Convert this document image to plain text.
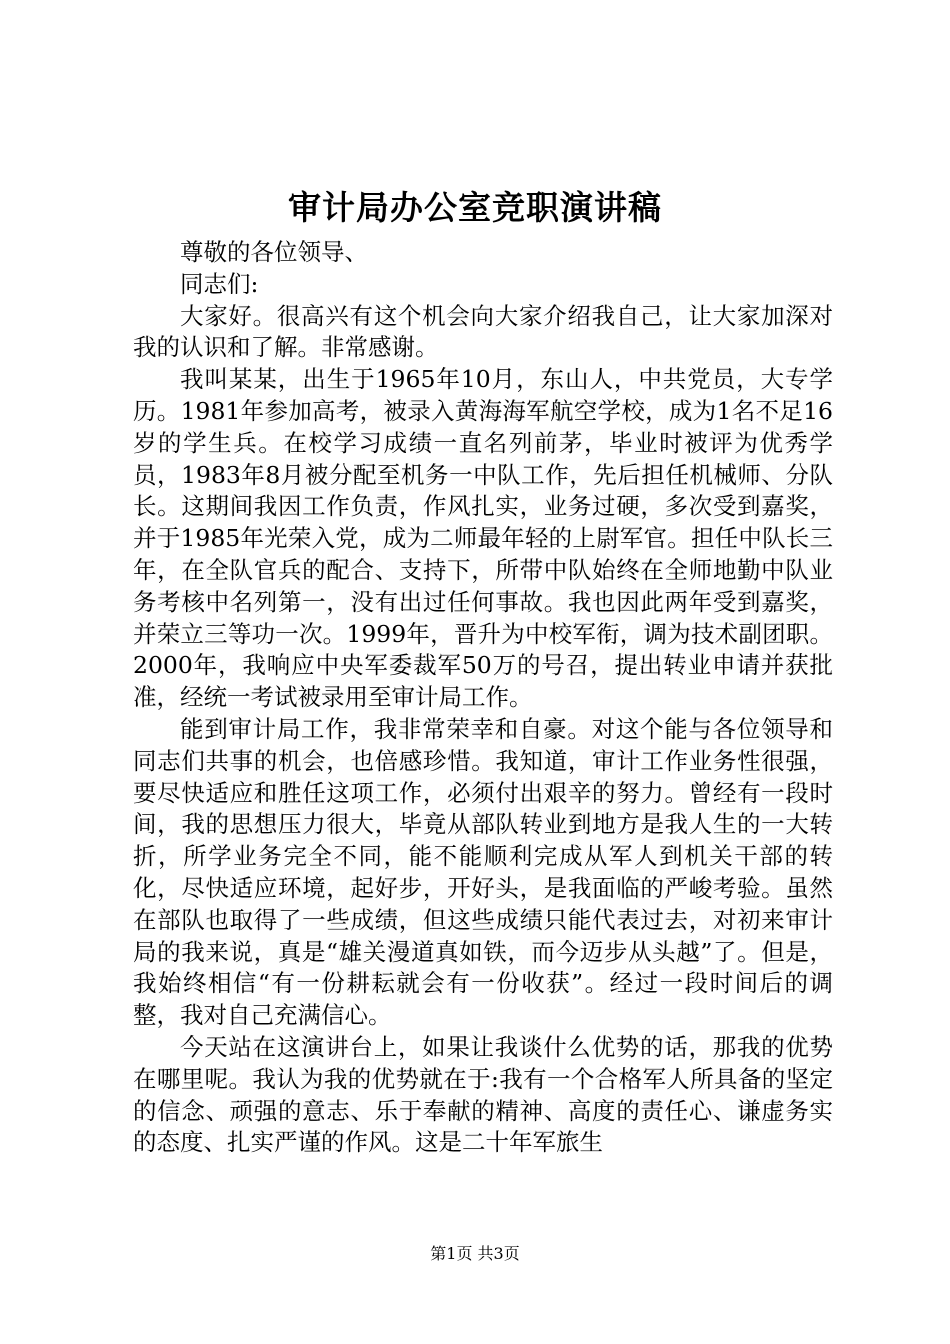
审计局办公室竞职演讲稿

尊敬的各位领导、

同志们:

大家好。很高兴有这个机会向大家介绍我自己，让大家加深对我的认识和了解。非常感谢。

我叫某某，出生于1965年10月，东山人，中共党员，大专学历。1981年参加高考，被录入黄海海军航空学校，成为1名不足16岁的学生兵。在校学习成绩一直名列前茅，毕业时被评为优秀学员，1983年8月被分配至机务一中队工作，先后担任机械师、分队长。这期间我因工作负责，作风扎实，业务过硬，多次受到嘉奖，并于1985年光荣入党，成为二师最年轻的上尉军官。担任中队长三年，在全队官兵的配合、支持下，所带中队始终在全师地勤中队业务考核中名列第一，没有出过任何事故。我也因此两年受到嘉奖，并荣立三等功一次。1999年，晋升为中校军衔，调为技术副团职。2000年，我响应中央军委裁军50万的号召，提出转业申请并获批准，经统一考试被录用至审计局工作。

能到审计局工作，我非常荣幸和自豪。对这个能与各位领导和同志们共事的机会，也倍感珍惜。我知道，审计工作业务性很强，要尽快适应和胜任这项工作，必须付出艰辛的努力。曾经有一段时间，我的思想压力很大，毕竟从部队转业到地方是我人生的一大转折，所学业务完全不同，能不能顺利完成从军人到机关干部的转化，尽快适应环境，起好步，开好头，是我面临的严峻考验。虽然在部队也取得了一些成绩，但这些成绩只能代表过去，对初来审计局的我来说，真是“雄关漫道真如铁，而今迈步从头越”了。但是，我始终相信“有一份耕耘就会有一份收获”。经过一段时间后的调整，我对自己充满信心。

今天站在这演讲台上，如果让我谈什么优势的话，那我的优势在哪里呢。我认为我的优势就在于:我有一个合格军人所具备的坚定的信念、顽强的意志、乐于奉献的精神、高度的责任心、谦虚务实的态度、扎实严谨的作风。这是二十年军旅生

第1页 共3页
